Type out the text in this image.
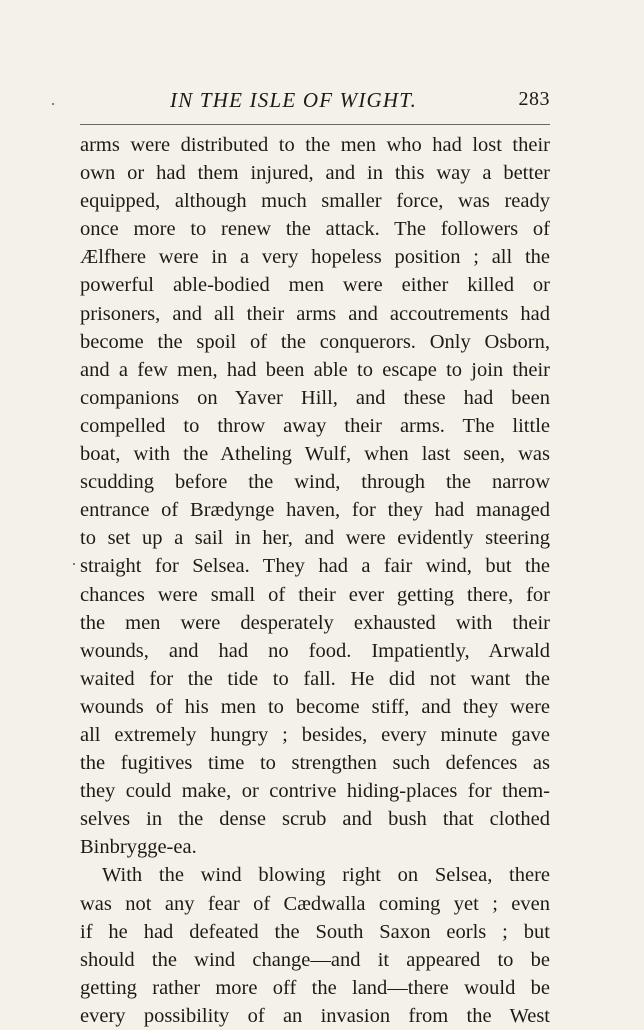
IN THE ISLE OF WIGHT.	283
arms were distributed to the men who had lost their
own or had them injured, and in this way a better
equipped, although much smaller force, was ready
once more to renew the attack. The followers of
Ælfhere were in a very hopeless position ; all the
powerful able-bodied men were either killed or
prisoners, and all their arms and accoutrements had
become the spoil of the conquerors. Only Osborn,
and a few men, had been able to escape to join their
companions on Yaver Hill, and these had been
compelled to throw away their arms. The little
boat, with the Atheling Wulf, when last seen, was
scudding before the wind, through the narrow
entrance of Brædynge haven, for they had managed
to set up a sail in her, and were evidently steering
straight for Selsea. They had a fair wind, but the
chances were small of their ever getting there, for
the men were desperately exhausted with their
wounds, and had no food. Impatiently, Arwald
waited for the tide to fall. He did not want the
wounds of his men to become stiff, and they were
all extremely hungry ; besides, every minute gave
the fugitives time to strengthen such defences as
they could make, or contrive hiding-places for them-
selves in the dense scrub and bush that clothed
Binbrygge-ea.
With the wind blowing right on Selsea, there
was not any fear of Cædwalla coming yet ; even
if he had defeated the South Saxon eorls ; but
should the wind change—and it appeared to be
getting rather more off the land—there would be
every possibility of an invasion from the West
